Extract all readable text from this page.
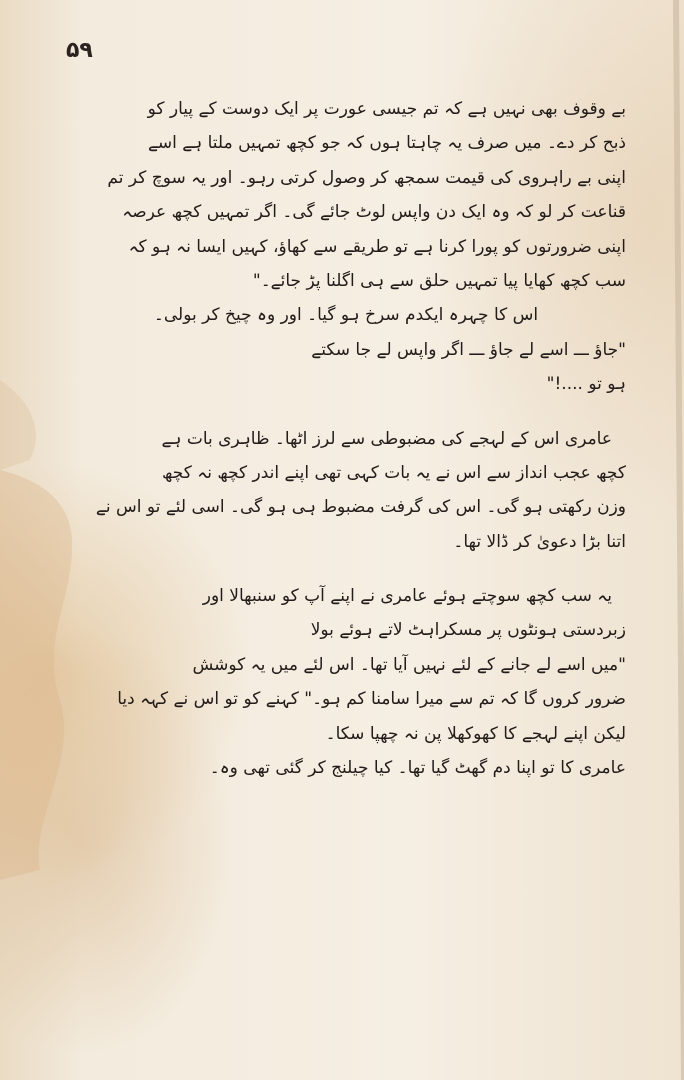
۵۹
بے وقوف بھی نہیں ہے کہ تم جیسی عورت پر ایک دوست کے پیار کو
ذبح کر دے۔ میں صرف یہ چاہتا ہوں کہ جو کچھ تمہیں ملتا ہے اسے
اپنی بے راہروی کی قیمت سمجھ کر وصول کرتی رہو۔ اور یہ سوچ کر تم
قناعت کر لو کہ وہ ایک دن واپس لوٹ جائے گی۔ اگر تمہیں کچھ عرصہ
اپنی ضرورتوں کو پورا کرنا ہے تو طریقے سے کھاؤ، کہیں ایسا نہ ہو کہ
سب کچھ کھایا پیا تمہیں حلق سے ہی اگلنا پڑ جائے۔"
اس کا چہرہ ایکدم سرخ ہو گیا۔ اور وہ چیخ کر بولی۔
"جاؤ ـــ اسے لے جاؤ ـــ اگر واپس لے جا سکتے
ہو تو ....!"
عامری اس کے لہجے کی مضبوطی سے لرز اٹھا۔ ظاہری بات ہے
کچھ عجب انداز سے اس نے یہ بات کہی تھی اپنے اندر کچھ نہ کچھ
وزن رکھتی ہو گی۔ اس کی گرفت مضبوط ہی ہو گی۔ اسی لئے تو اس نے
اتنا بڑا دعویٰ کر ڈالا تھا۔
یہ سب کچھ سوچتے ہوئے عامری نے اپنے آپ کو سنبھالا اور
زبردستی ہونٹوں پر مسکراہٹ لاتے ہوئے بولا
"میں اسے لے جانے کے لئے نہیں آیا تھا۔ اس لئے میں یہ کوشش
ضرور کروں گا کہ تم سے میرا سامنا کم ہو۔" کہنے کو تو اس نے کہہ دیا
لیکن اپنے لہجے کا کھوکھلا پن نہ چھپا سکا۔
عامری کا تو اپنا دم گھٹ گیا تھا۔ کیا چیلنج کر گئی تھی وہ۔
